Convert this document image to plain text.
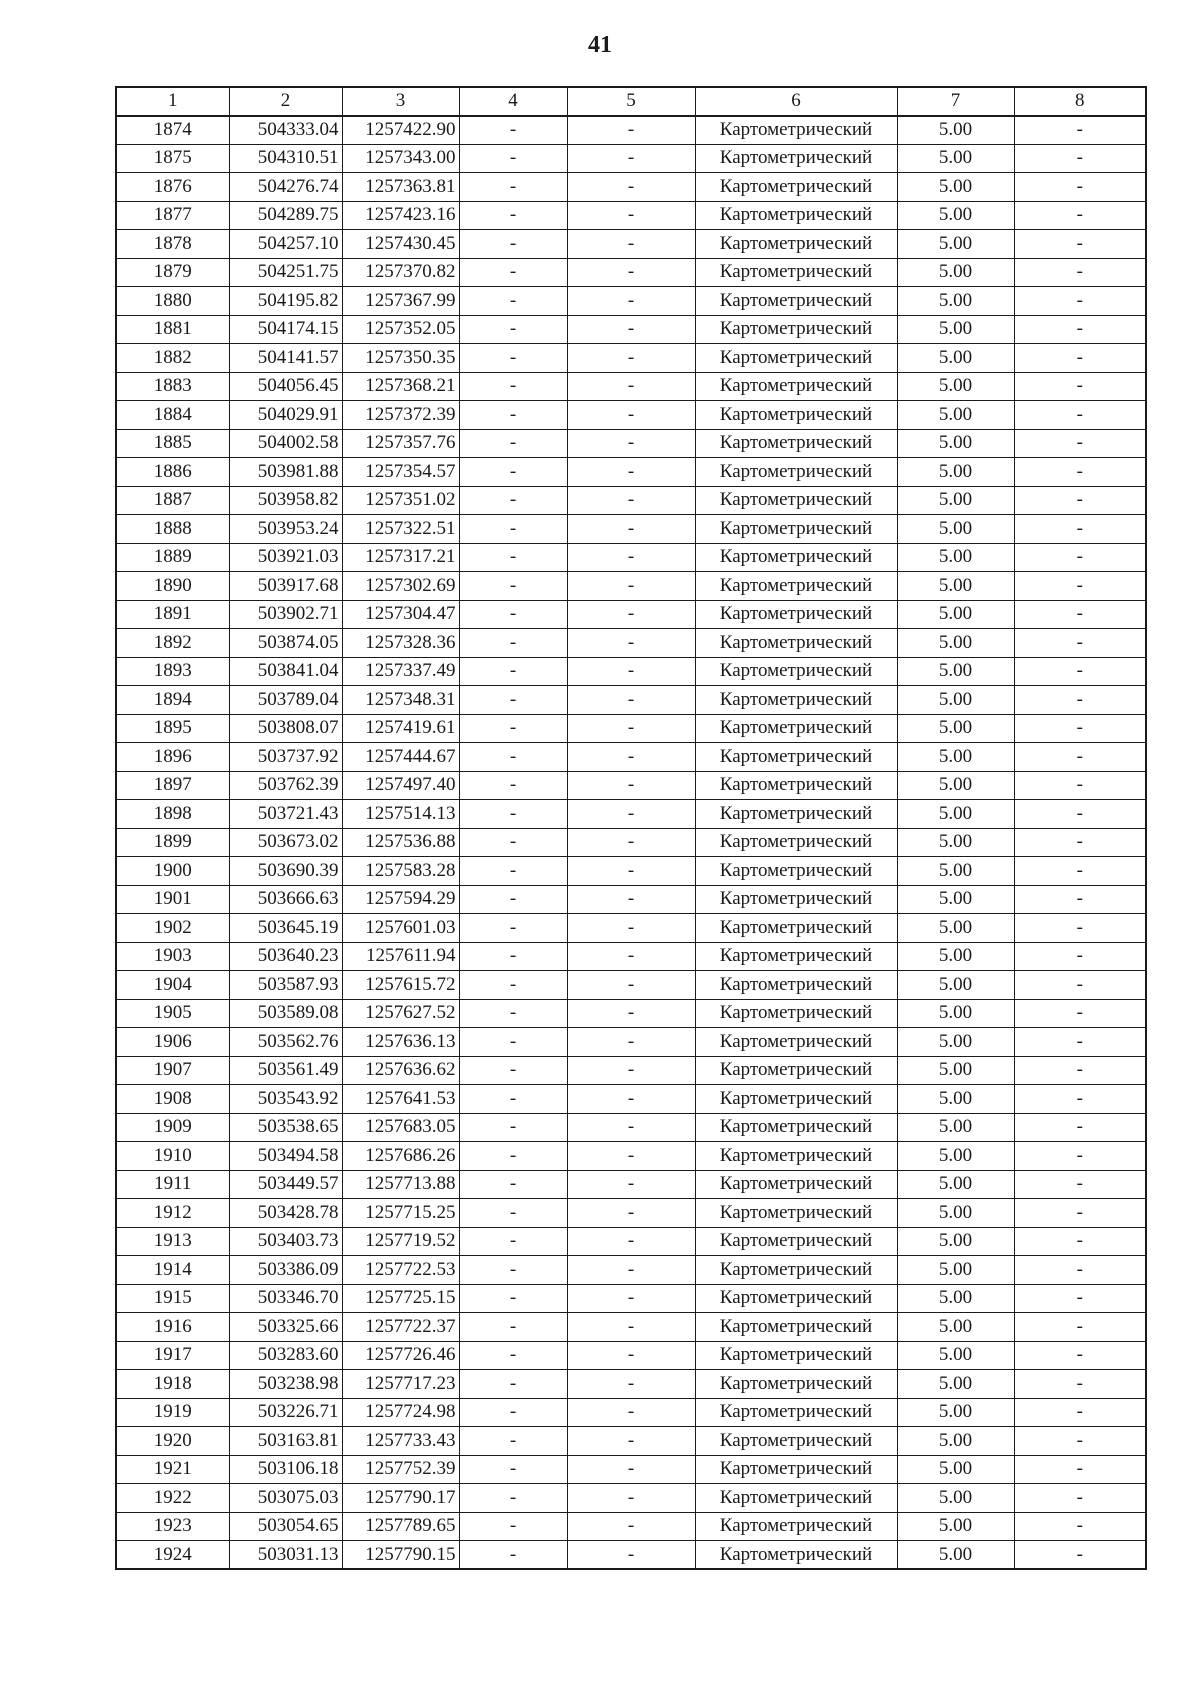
41
1	2	3	4	5	6	7	8
1874	504333.04	1257422.90	-	-	Картометрический	5.00	-
1875	504310.51	1257343.00	-	-	Картометрический	5.00	-
1876	504276.74	1257363.81	-	-	Картометрический	5.00	-
1877	504289.75	1257423.16	-	-	Картометрический	5.00	-
1878	504257.10	1257430.45	-	-	Картометрический	5.00	-
1879	504251.75	1257370.82	-	-	Картометрический	5.00	-
1880	504195.82	1257367.99	-	-	Картометрический	5.00	-
1881	504174.15	1257352.05	-	-	Картометрический	5.00	-
1882	504141.57	1257350.35	-	-	Картометрический	5.00	-
1883	504056.45	1257368.21	-	-	Картометрический	5.00	-
1884	504029.91	1257372.39	-	-	Картометрический	5.00	-
1885	504002.58	1257357.76	-	-	Картометрический	5.00	-
1886	503981.88	1257354.57	-	-	Картометрический	5.00	-
1887	503958.82	1257351.02	-	-	Картометрический	5.00	-
1888	503953.24	1257322.51	-	-	Картометрический	5.00	-
1889	503921.03	1257317.21	-	-	Картометрический	5.00	-
1890	503917.68	1257302.69	-	-	Картометрический	5.00	-
1891	503902.71	1257304.47	-	-	Картометрический	5.00	-
1892	503874.05	1257328.36	-	-	Картометрический	5.00	-
1893	503841.04	1257337.49	-	-	Картометрический	5.00	-
1894	503789.04	1257348.31	-	-	Картометрический	5.00	-
1895	503808.07	1257419.61	-	-	Картометрический	5.00	-
1896	503737.92	1257444.67	-	-	Картометрический	5.00	-
1897	503762.39	1257497.40	-	-	Картометрический	5.00	-
1898	503721.43	1257514.13	-	-	Картометрический	5.00	-
1899	503673.02	1257536.88	-	-	Картометрический	5.00	-
1900	503690.39	1257583.28	-	-	Картометрический	5.00	-
1901	503666.63	1257594.29	-	-	Картометрический	5.00	-
1902	503645.19	1257601.03	-	-	Картометрический	5.00	-
1903	503640.23	1257611.94	-	-	Картометрический	5.00	-
1904	503587.93	1257615.72	-	-	Картометрический	5.00	-
1905	503589.08	1257627.52	-	-	Картометрический	5.00	-
1906	503562.76	1257636.13	-	-	Картометрический	5.00	-
1907	503561.49	1257636.62	-	-	Картометрический	5.00	-
1908	503543.92	1257641.53	-	-	Картометрический	5.00	-
1909	503538.65	1257683.05	-	-	Картометрический	5.00	-
1910	503494.58	1257686.26	-	-	Картометрический	5.00	-
1911	503449.57	1257713.88	-	-	Картометрический	5.00	-
1912	503428.78	1257715.25	-	-	Картометрический	5.00	-
1913	503403.73	1257719.52	-	-	Картометрический	5.00	-
1914	503386.09	1257722.53	-	-	Картометрический	5.00	-
1915	503346.70	1257725.15	-	-	Картометрический	5.00	-
1916	503325.66	1257722.37	-	-	Картометрический	5.00	-
1917	503283.60	1257726.46	-	-	Картометрический	5.00	-
1918	503238.98	1257717.23	-	-	Картометрический	5.00	-
1919	503226.71	1257724.98	-	-	Картометрический	5.00	-
1920	503163.81	1257733.43	-	-	Картометрический	5.00	-
1921	503106.18	1257752.39	-	-	Картометрический	5.00	-
1922	503075.03	1257790.17	-	-	Картометрический	5.00	-
1923	503054.65	1257789.65	-	-	Картометрический	5.00	-
1924	503031.13	1257790.15	-	-	Картометрический	5.00	-
